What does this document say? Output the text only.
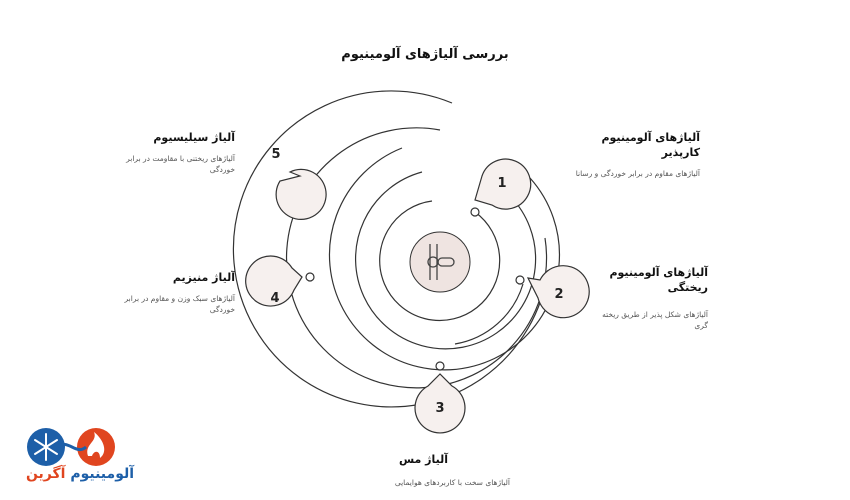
بررسی آلیاژهای آلومینیوم
1
2
3
4
5
آلیاژهای آلومینیوم کارپذیر
آلیاژهای مقاوم در برابر خوردگی و رسانا
آلیاژهای آلومینیوم ریختگی
آلیاژهای شکل پذیر از طریق ریخته گری
آلیاژ مس
آلیاژهای سخت با کاربردهای هوایمایی
آلیاژ منیزیم
آلیاژهای سبک وزن و مقاوم در برابر خوردگی
آلیاژ سیلیسیوم
آلیاژهای ریختنی با مقاومت در برابر خوردگی
آلومینیوم آگرین
